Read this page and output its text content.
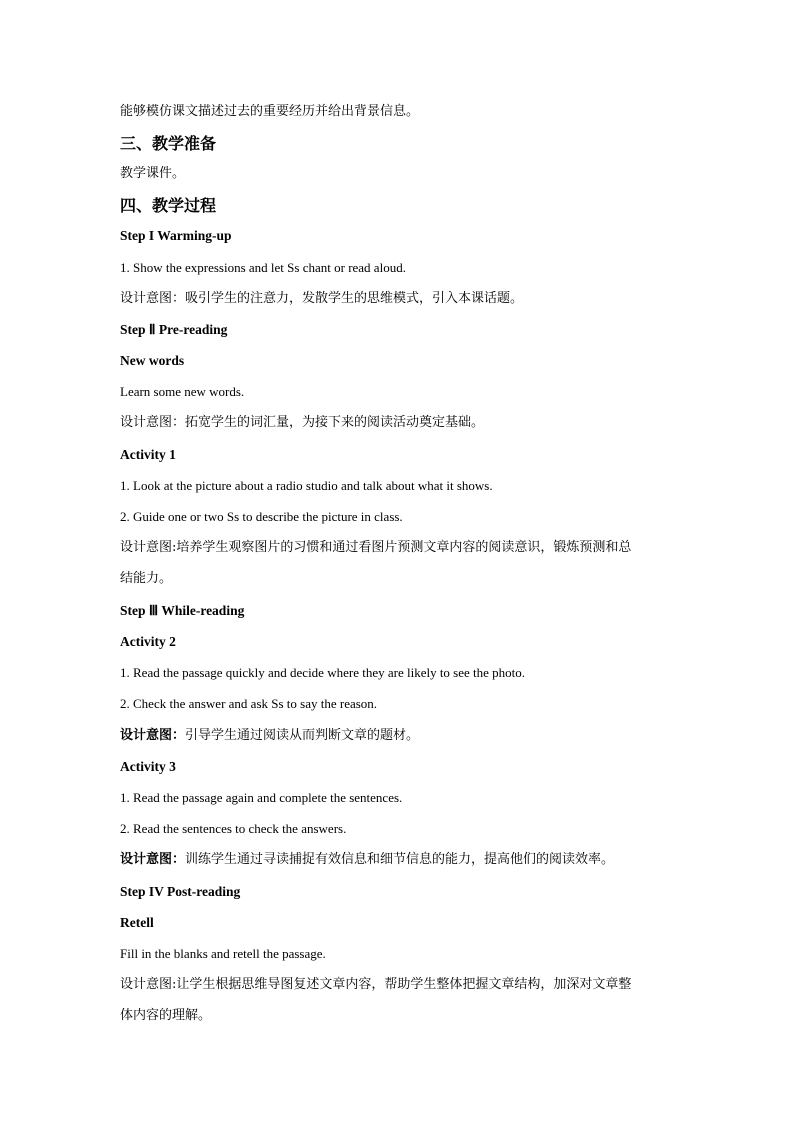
能够模仿课文描述过去的重要经历并给出背景信息。
三、教学准备
教学课件。
四、教学过程
Step I Warming-up
1. Show the expressions and let Ss chant or read aloud.
设计意图：吸引学生的注意力，发散学生的思维模式，引入本课话题。
Step Ⅱ Pre-reading
New words
Learn some new words.
设计意图：拓宽学生的词汇量，为接下来的阅读活动奠定基础。
Activity 1
1. Look at the picture about a radio studio and talk about what it shows.
2. Guide one or two Ss to describe the picture in class.
设计意图:培养学生观察图片的习惯和通过看图片预测文章内容的阅读意识，锻炼预测和总
结能力。
Step Ⅲ While-reading
Activity 2
1. Read the passage quickly and decide where they are likely to see the photo.
2. Check the answer and ask Ss to say the reason.
设计意图：引导学生通过阅读从而判断文章的题材。
Activity 3
1. Read the passage again and complete the sentences.
2. Read the sentences to check the answers.
设计意图：训练学生通过寻读捕捉有效信息和细节信息的能力，提高他们的阅读效率。
Step IV Post-reading
Retell
Fill in the blanks and retell the passage.
设计意图:让学生根据思维导图复述文章内容，帮助学生整体把握文章结构，加深对文章整
体内容的理解。
